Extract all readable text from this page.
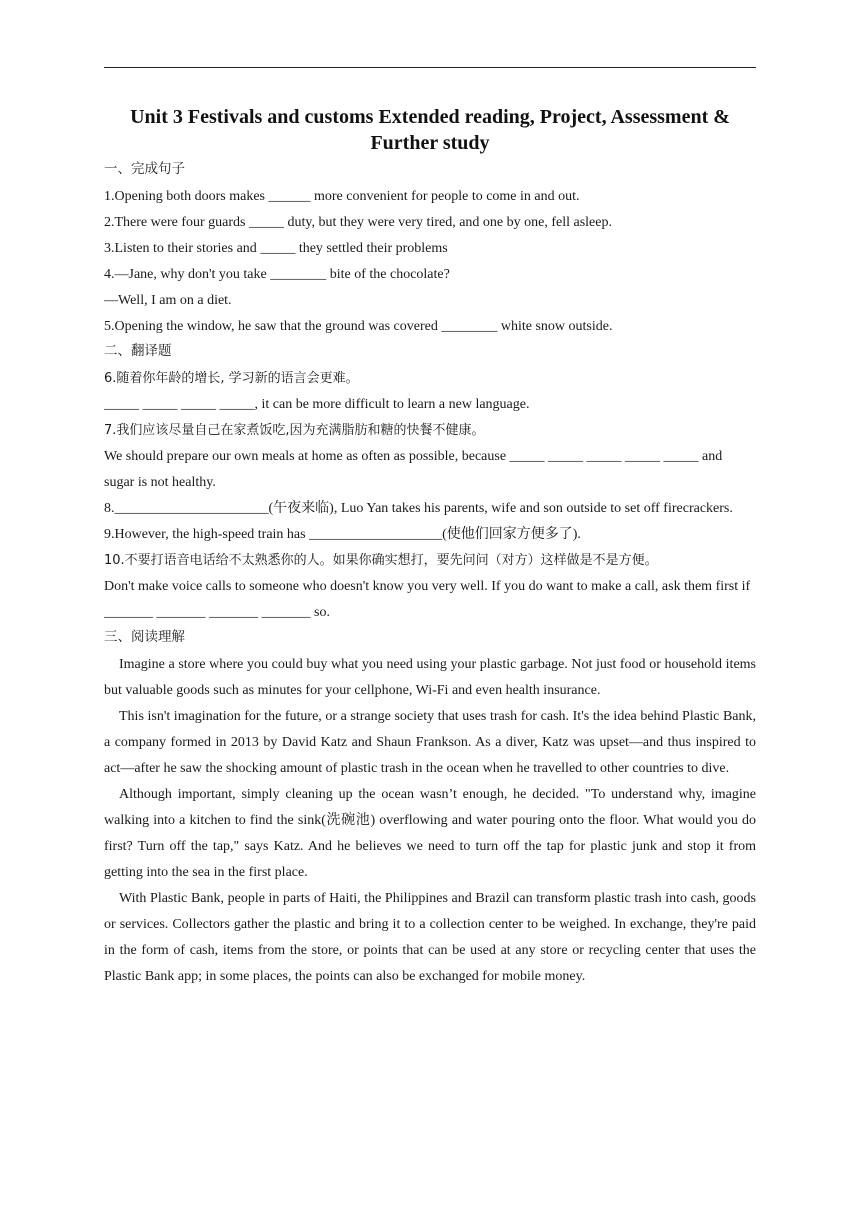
Unit 3 Festivals and customs Extended reading, Project, Assessment & Further study
一、完成句子
1.Opening both doors makes ______ more convenient for people to come in and out.
2.There were four guards _____ duty, but they were very tired, and one by one, fell asleep.
3.Listen to their stories and _____ they settled their problems
4.—Jane, why don't you take ________ bite of the chocolate?
—Well, I am on a diet.
5.Opening the window, he saw that the ground was covered ________ white snow outside.
二、翻译题
6.随着你年龄的增长, 学习新的语言会更难。
_____ _____ _____ _____, it can be more difficult to learn a new language.
7.我们应该尽量自己在家煮饭吃,因为充满脂肪和糖的快餐不健康。
We should prepare our own meals at home as often as possible, because _____ _____ _____ _____ _____ and sugar is not healthy.
8.______________________(午夜来临), Luo Yan takes his parents, wife and son outside to set off firecrackers.
9.However, the high-speed train has ___________________(使他们回家方便多了).
10.不要打语音电话给不太熟悉你的人。如果你确实想打，要先问问（对方）这样做是不是方便。
Don't make voice calls to someone who doesn't know you very well. If you do want to make a call, ask them first if _______ _______ _______ _______ so.
三、阅读理解
Imagine a store where you could buy what you need using your plastic garbage. Not just food or household items but valuable goods such as minutes for your cellphone, Wi-Fi and even health insurance.
This isn't imagination for the future, or a strange society that uses trash for cash. It's the idea behind Plastic Bank, a company formed in 2013 by David Katz and Shaun Frankson. As a diver, Katz was upset—and thus inspired to act—after he saw the shocking amount of plastic trash in the ocean when he travelled to other countries to dive.
Although important, simply cleaning up the ocean wasn’t enough, he decided. "To understand why, imagine walking into a kitchen to find the sink(洗碗池) overflowing and water pouring onto the floor. What would you do first? Turn off the tap," says Katz. And he believes we need to turn off the tap for plastic junk and stop it from getting into the sea in the first place.
With Plastic Bank, people in parts of Haiti, the Philippines and Brazil can transform plastic trash into cash, goods or services. Collectors gather the plastic and bring it to a collection center to be weighed. In exchange, they're paid in the form of cash, items from the store, or points that can be used at any store or recycling center that uses the Plastic Bank app; in some places, the points can also be exchanged for mobile money.
